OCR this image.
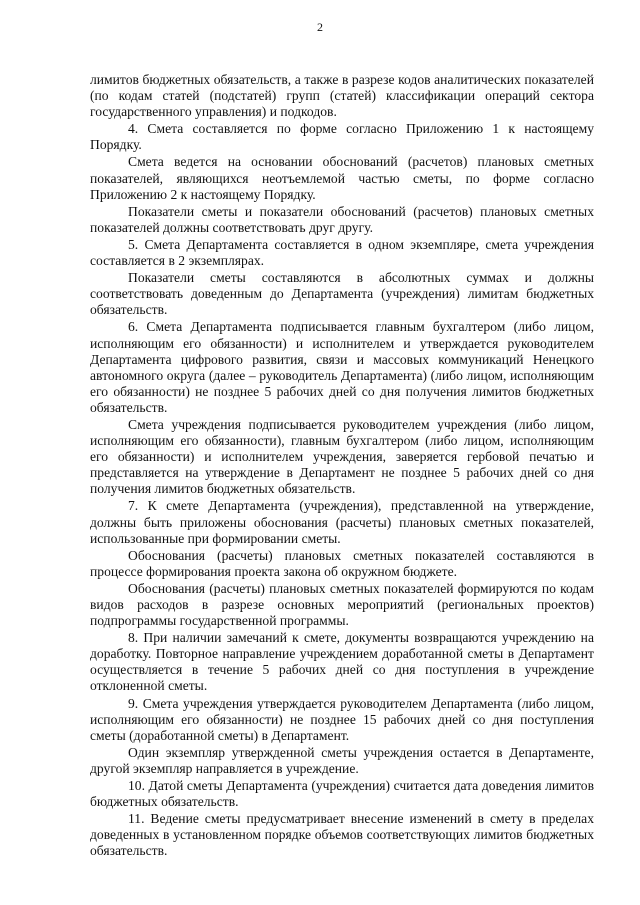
2

лимитов бюджетных обязательств, а также в разрезе кодов аналитических показателей (по кодам статей (подстатей) групп (статей) классификации операций сектора государственного управления) и подкодов.

4. Смета составляется по форме согласно Приложению 1 к настоящему Порядку.

Смета ведется на основании обоснований (расчетов) плановых сметных показателей, являющихся неотъемлемой частью сметы, по форме согласно Приложению 2 к настоящему Порядку.

Показатели сметы и показатели обоснований (расчетов) плановых сметных показателей должны соответствовать друг другу.

5. Смета Департамента составляется в одном экземпляре, смета учреждения составляется в 2 экземплярах.

Показатели сметы составляются в абсолютных суммах и должны соответствовать доведенным до Департамента (учреждения) лимитам бюджетных обязательств.

6. Смета Департамента подписывается главным бухгалтером (либо лицом, исполняющим его обязанности) и исполнителем и утверждается руководителем Департамента цифрового развития, связи и массовых коммуникаций Ненецкого автономного округа (далее – руководитель Департамента) (либо лицом, исполняющим его обязанности) не позднее 5 рабочих дней со дня получения лимитов бюджетных обязательств.

Смета учреждения подписывается руководителем учреждения (либо лицом, исполняющим его обязанности), главным бухгалтером (либо лицом, исполняющим его обязанности) и исполнителем учреждения, заверяется гербовой печатью и представляется на утверждение в Департамент не позднее 5 рабочих дней со дня получения лимитов бюджетных обязательств.

7. К смете Департамента (учреждения), представленной на утверждение, должны быть приложены обоснования (расчеты) плановых сметных показателей, использованные при формировании сметы.

Обоснования (расчеты) плановых сметных показателей составляются в процессе формирования проекта закона об окружном бюджете.

Обоснования (расчеты) плановых сметных показателей формируются по кодам видов расходов в разрезе основных мероприятий (региональных проектов) подпрограммы государственной программы.

8. При наличии замечаний к смете, документы возвращаются учреждению на доработку. Повторное направление учреждением доработанной сметы в Департамент осуществляется в течение 5 рабочих дней со дня поступления в учреждение отклоненной сметы.

9. Смета учреждения утверждается руководителем Департамента (либо лицом, исполняющим его обязанности) не позднее 15 рабочих дней со дня поступления сметы (доработанной сметы) в Департамент.

Один экземпляр утвержденной сметы учреждения остается в Департаменте, другой экземпляр направляется в учреждение.

10. Датой сметы Департамента (учреждения) считается дата доведения лимитов бюджетных обязательств.

11. Ведение сметы предусматривает внесение изменений в смету в пределах доведенных в установленном порядке объемов соответствующих лимитов бюджетных обязательств.
